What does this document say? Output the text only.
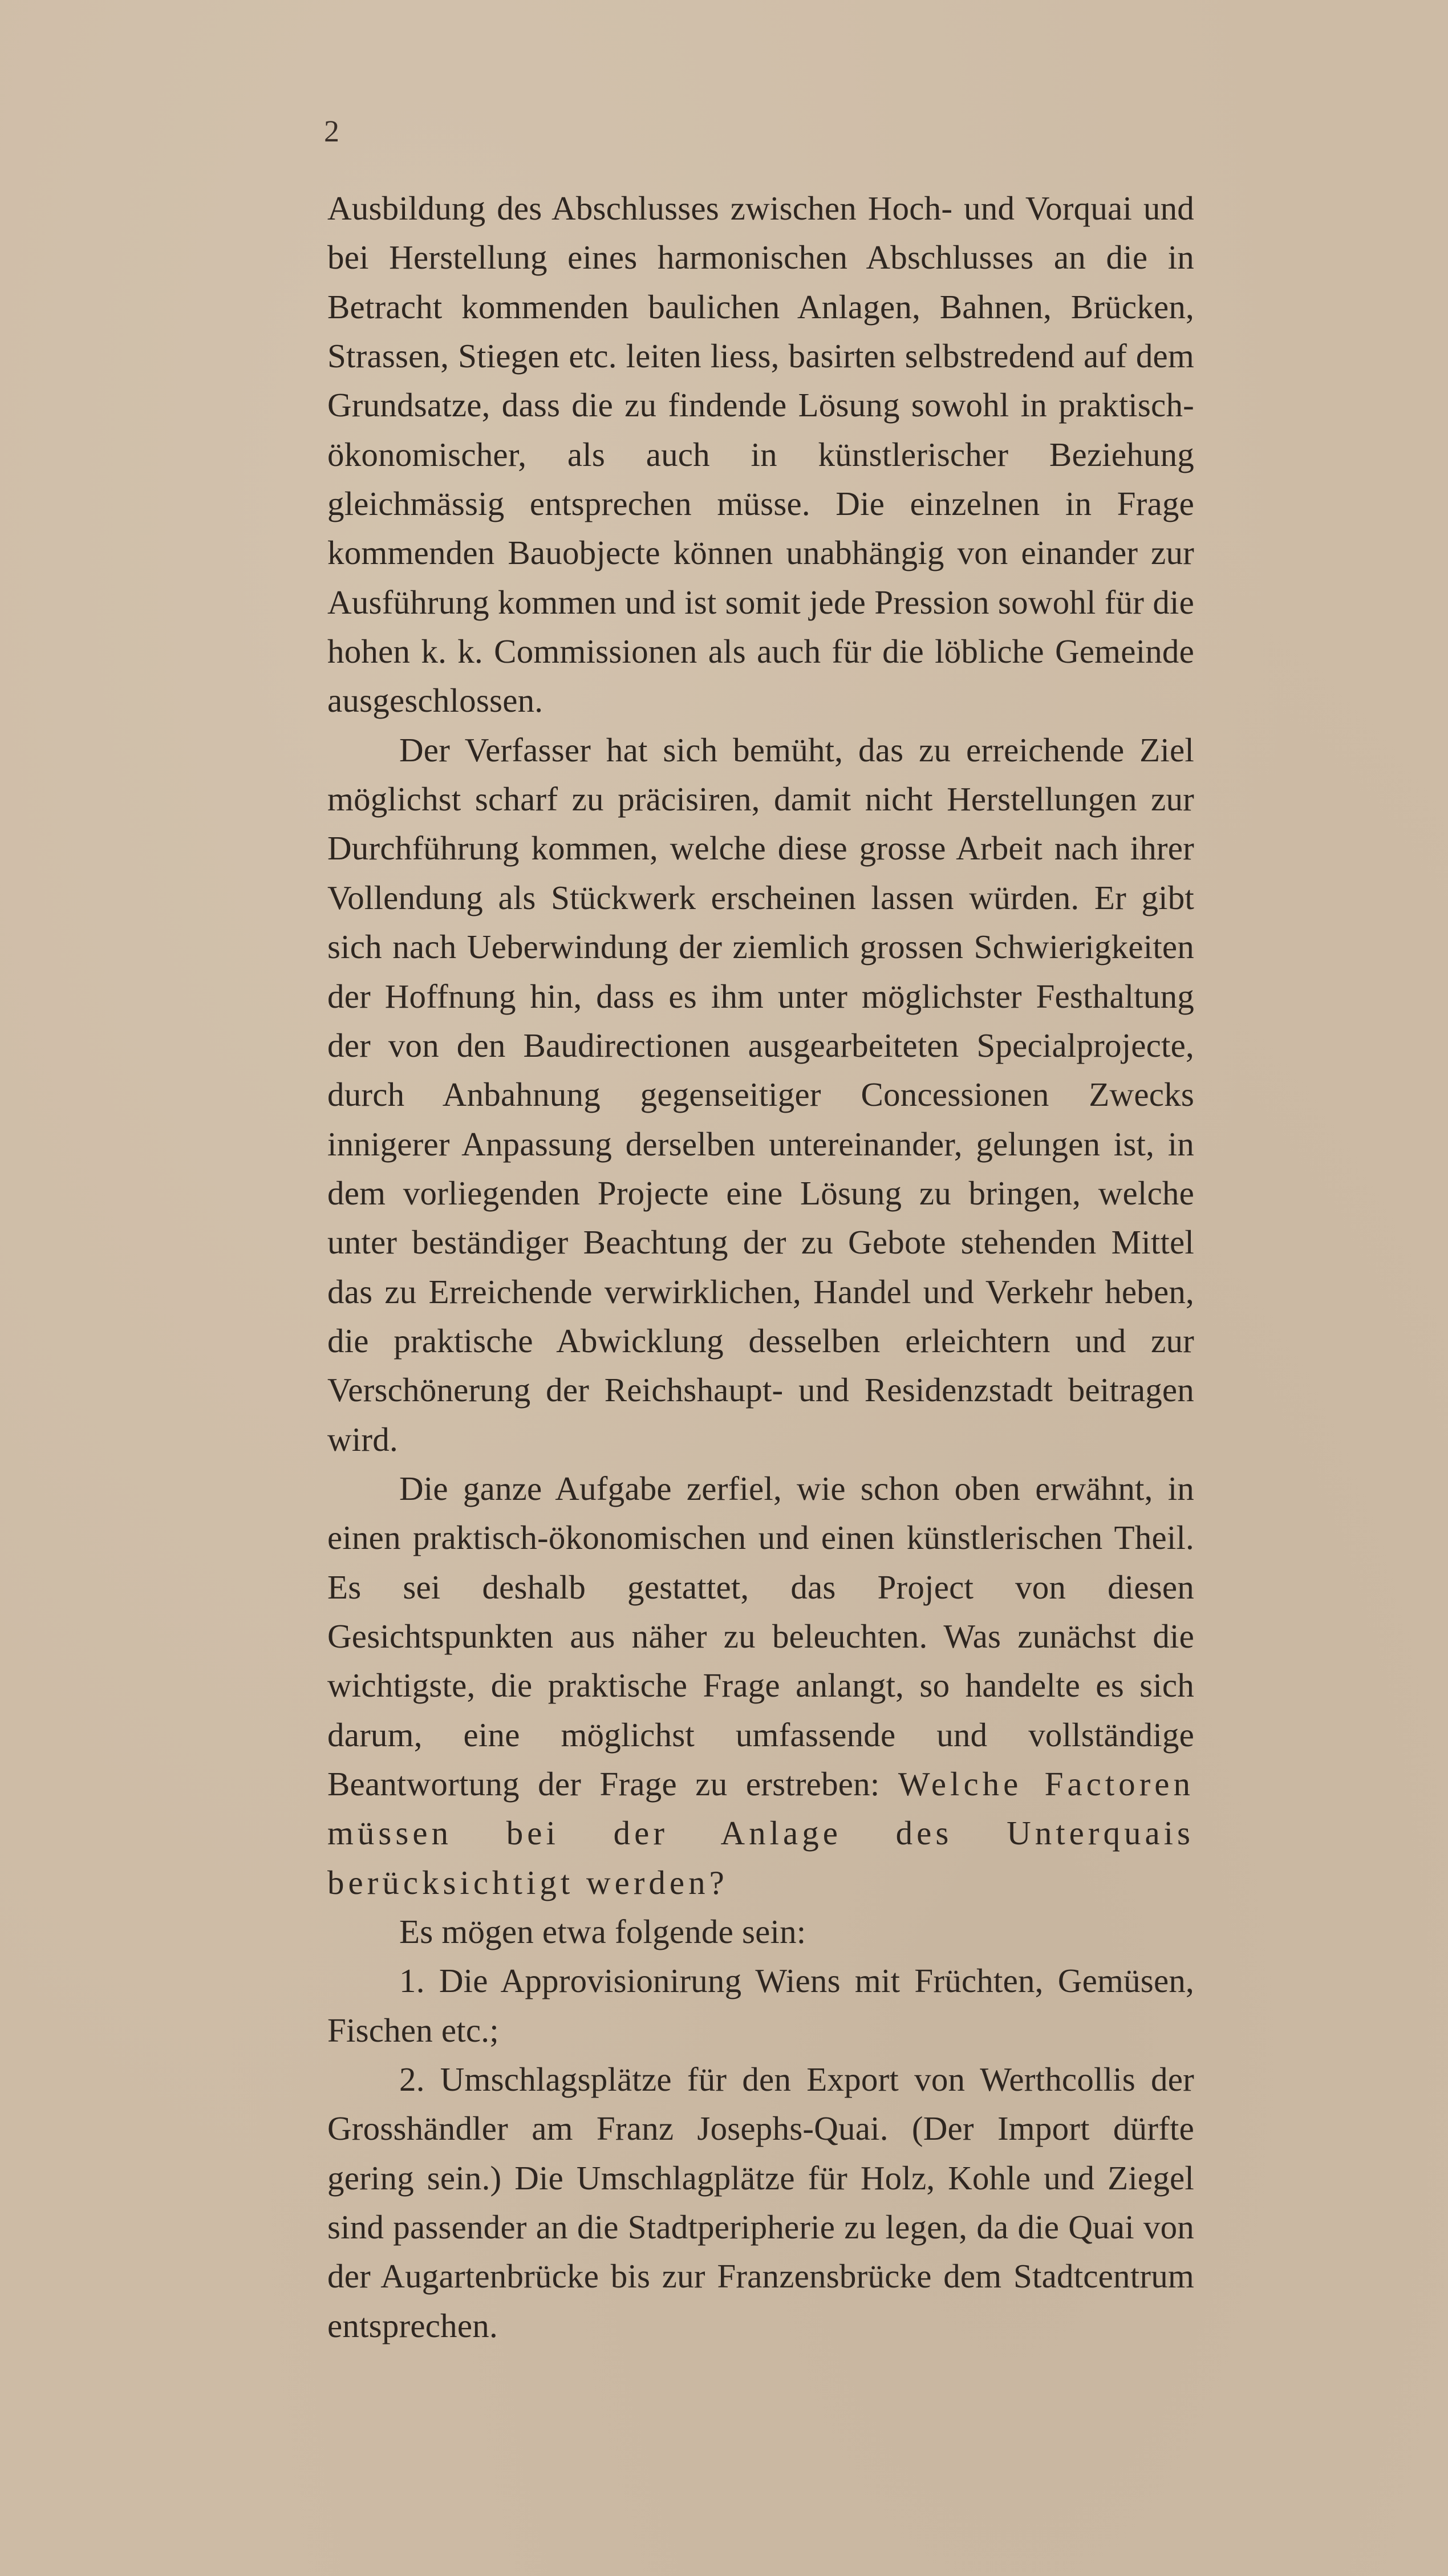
2

Ausbildung des Abschlusses zwischen Hoch- und Vorquai und bei Herstellung eines harmonischen Abschlusses an die in Betracht kommenden baulichen Anlagen, Bahnen, Brücken, Strassen, Stiegen etc. leiten liess, basirten selbstredend auf dem Grundsatze, dass die zu findende Lösung sowohl in praktisch-ökonomischer, als auch in künstlerischer Beziehung gleichmässig entsprechen müsse. Die einzelnen in Frage kommenden Bauobjecte können unabhängig von einander zur Ausführung kommen und ist somit jede Pression sowohl für die hohen k. k. Commissionen als auch für die löbliche Gemeinde ausgeschlossen.

Der Verfasser hat sich bemüht, das zu erreichende Ziel möglichst scharf zu präcisiren, damit nicht Herstellungen zur Durchführung kommen, welche diese grosse Arbeit nach ihrer Vollendung als Stückwerk erscheinen lassen würden. Er gibt sich nach Ueberwindung der ziemlich grossen Schwierigkeiten der Hoffnung hin, dass es ihm unter möglichster Festhaltung der von den Baudirectionen ausgearbeiteten Specialprojecte, durch Anbahnung gegenseitiger Concessionen Zwecks innigerer Anpassung derselben untereinander, gelungen ist, in dem vorliegenden Projecte eine Lösung zu bringen, welche unter beständiger Beachtung der zu Gebote stehenden Mittel das zu Erreichende verwirklichen, Handel und Verkehr heben, die praktische Abwicklung desselben erleichtern und zur Verschönerung der Reichshaupt- und Residenzstadt beitragen wird.

Die ganze Aufgabe zerfiel, wie schon oben erwähnt, in einen praktisch-ökonomischen und einen künstlerischen Theil. Es sei deshalb gestattet, das Project von diesen Gesichtspunkten aus näher zu beleuchten. Was zunächst die wichtigste, die praktische Frage anlangt, so handelte es sich darum, eine möglichst umfassende und vollständige Beantwortung der Frage zu erstreben: Welche Factoren müssen bei der Anlage des Unterquais berücksichtigt werden?

Es mögen etwa folgende sein:

1. Die Approvisionirung Wiens mit Früchten, Gemüsen, Fischen etc.;

2. Umschlagsplätze für den Export von Werthcollis der Grosshändler am Franz Josephs-Quai. (Der Import dürfte gering sein.) Die Umschlagplätze für Holz, Kohle und Ziegel sind passender an die Stadtperipherie zu legen, da die Quai von der Augartenbrücke bis zur Franzensbrücke dem Stadtcentrum entsprechen.
